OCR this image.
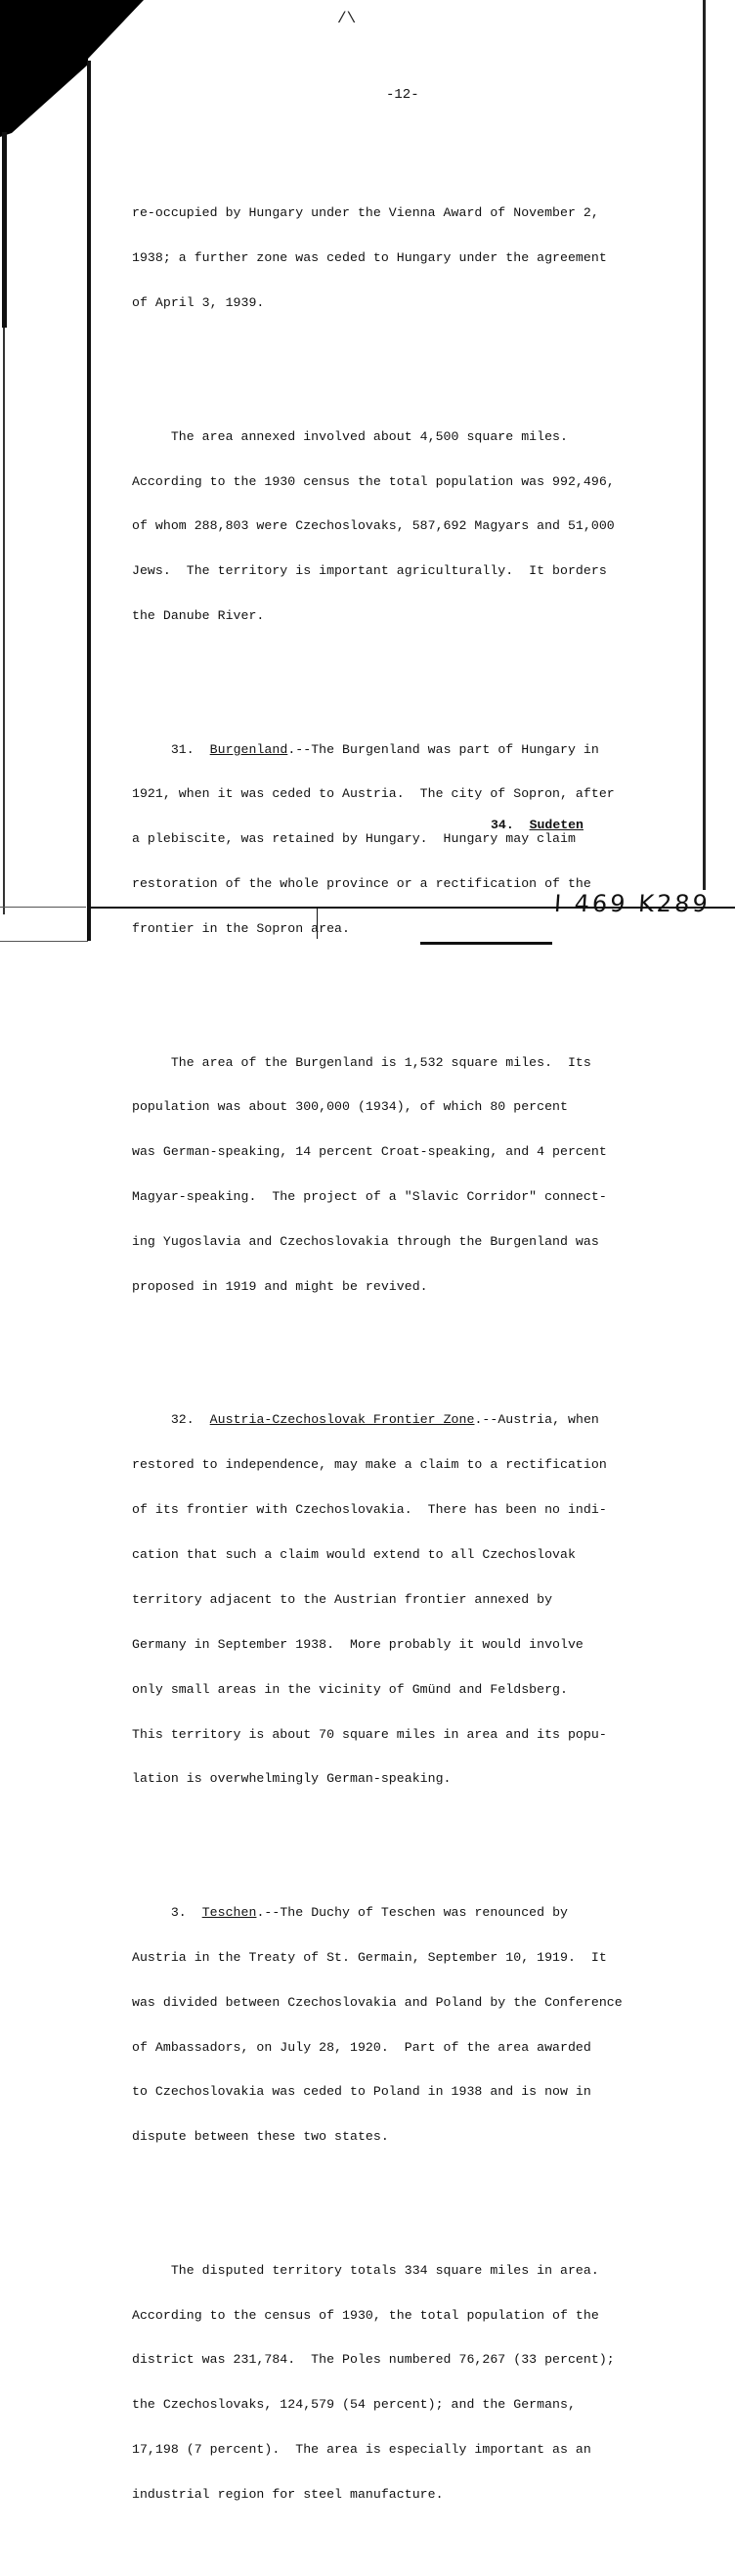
/\
-12-

re-occupied by Hungary under the Vienna Award of November 2,

1938; a further zone was ceded to Hungary under the agreement

of April 3, 1939.

The area annexed involved about 4,500 square miles.

According to the 1930 census the total population was 992,496,

of whom 288,803 were Czechoslovaks, 587,692 Magyars and 51,000

Jews.  The territory is important agriculturally.  It borders

the Danube River.

31. Burgenland.--The Burgenland was part of Hungary in

1921, when it was ceded to Austria.  The city of Sopron, after

a plebiscite, was retained by Hungary.  Hungary may claim

restoration of the whole province or a rectification of the

frontier in the Sopron area.

The area of the Burgenland is 1,532 square miles.  Its

population was about 300,000 (1934), of which 80 percent

was German-speaking, 14 percent Croat-speaking, and 4 percent

Magyar-speaking.  The project of a "Slavic Corridor" connect-

ing Yugoslavia and Czechoslovakia through the Burgenland was

proposed in 1919 and might be revived.

32. Austria-Czechoslovak Frontier Zone.--Austria, when

restored to independence, may make a claim to a rectification

of its frontier with Czechoslovakia.  There has been no indi-

cation that such a claim would extend to all Czechoslovak

territory adjacent to the Austrian frontier annexed by

Germany in September 1938.  More probably it would involve

only small areas in the vicinity of Gmünd and Feldsberg.

This territory is about 70 square miles in area and its popu-

lation is overwhelmingly German-speaking.

3. Teschen.--The Duchy of Teschen was renounced by

Austria in the Treaty of St. Germain, September 10, 1919.  It

was divided between Czechoslovakia and Poland by the Conference

of Ambassadors, on July 28, 1920.  Part of the area awarded

to Czechoslovakia was ceded to Poland in 1938 and is now in

dispute between these two states.

The disputed territory totals 334 square miles in area.

According to the census of 1930, the total population of the

district was 231,784.  The Poles numbered 76,267 (33 percent);

the Czechoslovaks, 124,579 (54 percent); and the Germans,

17,198 (7 percent).  The area is especially important as an

industrial region for steel manufacture.

34. Sudeten
I 469 K289
